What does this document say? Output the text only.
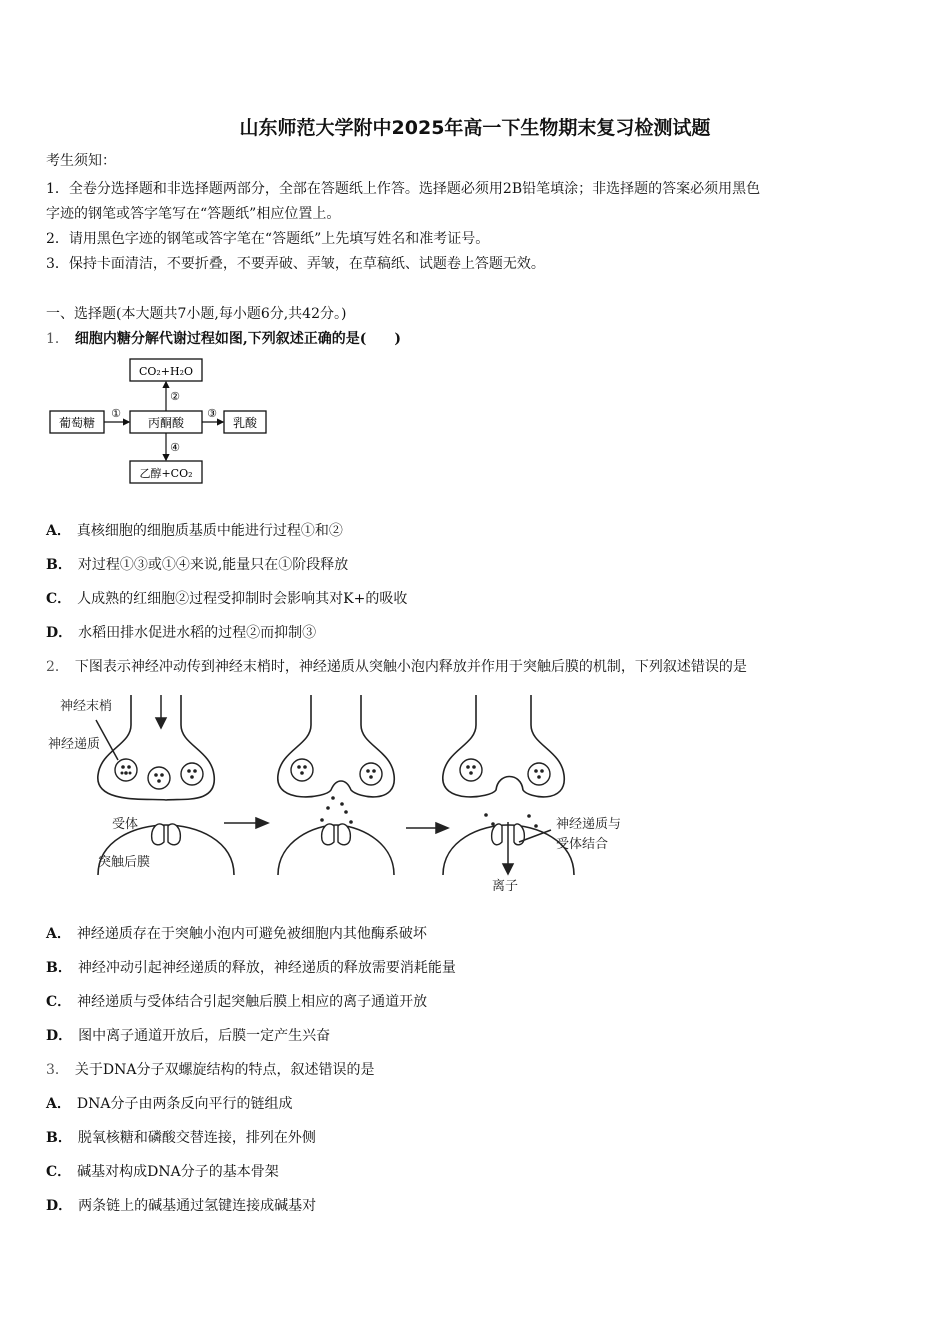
山东师范大学附中2025年高一下生物期末复习检测试题
考生须知：
1．全卷分选择题和非选择题两部分，全部在答题纸上作答。选择题必须用2B铅笔填涂；非选择题的答案必须用黑色
字迹的钢笔或答字笔写在“答题纸”相应位置上。
2．请用黑色字迹的钢笔或答字笔在“答题纸”上先填写姓名和准考证号。
3．保持卡面清洁，不要折叠，不要弄破、弄皱，在草稿纸、试题卷上答题无效。
一、选择题(本大题共7小题,每小题6分,共42分。)
1． 细胞内糖分解代谢过程如图,下列叙述正确的是(　　)
CO₂+H₂O
葡萄糖	丙酮酸	乳酸
乙醇+CO₂
①
②
③
④
A． 真核细胞的细胞质基质中能进行过程①和②
B． 对过程①③或①④来说,能量只在①阶段释放
C． 人成熟的红细胞②过程受抑制时会影响其对K+的吸收
D． 水稻田排水促进水稻的过程②而抑制③
2． 下图表示神经冲动传到神经末梢时，神经递质从突触小泡内释放并作用于突触后膜的机制，下列叙述错误的是
神经末梢
神经递质
受体
突触后膜
神经递质与
受体结合
离子
A． 神经递质存在于突触小泡内可避免被细胞内其他酶系破坏
B． 神经冲动引起神经递质的释放，神经递质的释放需要消耗能量
C． 神经递质与受体结合引起突触后膜上相应的离子通道开放
D． 图中离子通道开放后，后膜一定产生兴奋
3． 关于DNA分子双螺旋结构的特点，叙述错误的是
A． DNA分子由两条反向平行的链组成
B． 脱氧核糖和磷酸交替连接，排列在外侧
C． 碱基对构成DNA分子的基本骨架
D． 两条链上的碱基通过氢键连接成碱基对
